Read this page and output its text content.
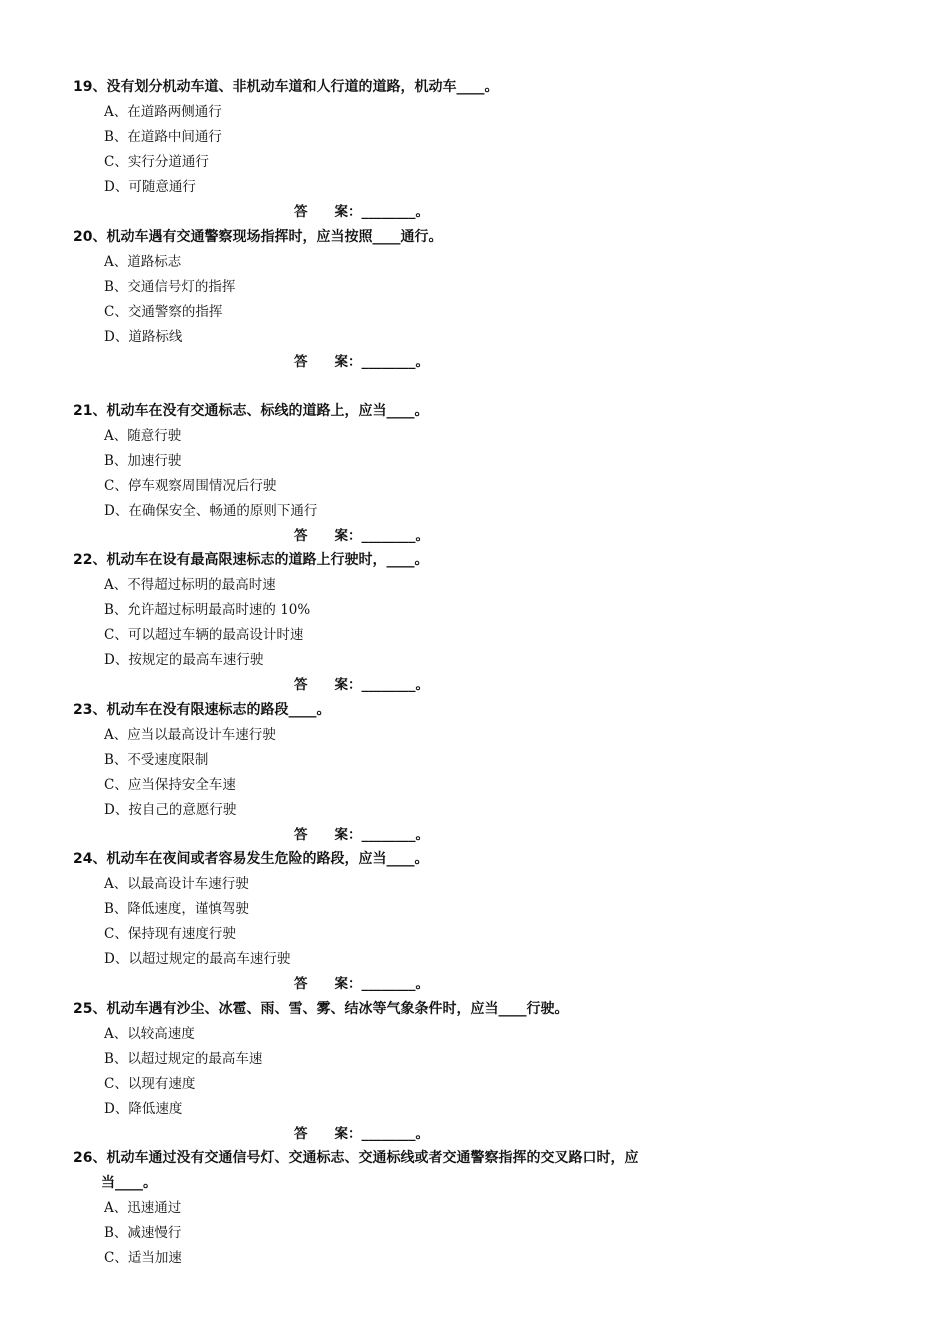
19、没有划分机动车道、非机动车道和人行道的道路，机动车____。
A、在道路两侧通行
B、在道路中间通行
C、实行分道通行
D、可随意通行
答　　案：________。
20、机动车遇有交通警察现场指挥时，应当按照____通行。
A、道路标志
B、交通信号灯的指挥
C、交通警察的指挥
D、道路标线
答　　案：________。
21、机动车在没有交通标志、标线的道路上，应当____。
A、随意行驶
B、加速行驶
C、停车观察周围情况后行驶
D、在确保安全、畅通的原则下通行
答　　案：________。
22、机动车在设有最高限速标志的道路上行驶时，____。
A、不得超过标明的最高时速
B、允许超过标明最高时速的 10%
C、可以超过车辆的最高设计时速
D、按规定的最高车速行驶
答　　案：________。
23、机动车在没有限速标志的路段____。
A、应当以最高设计车速行驶
B、不受速度限制
C、应当保持安全车速
D、按自己的意愿行驶
答　　案：________。
24、机动车在夜间或者容易发生危险的路段，应当____。
A、以最高设计车速行驶
B、降低速度，谨慎驾驶
C、保持现有速度行驶
D、以超过规定的最高车速行驶
答　　案：________。
25、机动车遇有沙尘、冰雹、雨、雪、雾、结冰等气象条件时，应当____行驶。
A、以较高速度
B、以超过规定的最高车速
C、以现有速度
D、降低速度
答　　案：________。
26、机动车通过没有交通信号灯、交通标志、交通标线或者交通警察指挥的交叉路口时，应
当____。
A、迅速通过
B、减速慢行
C、适当加速
